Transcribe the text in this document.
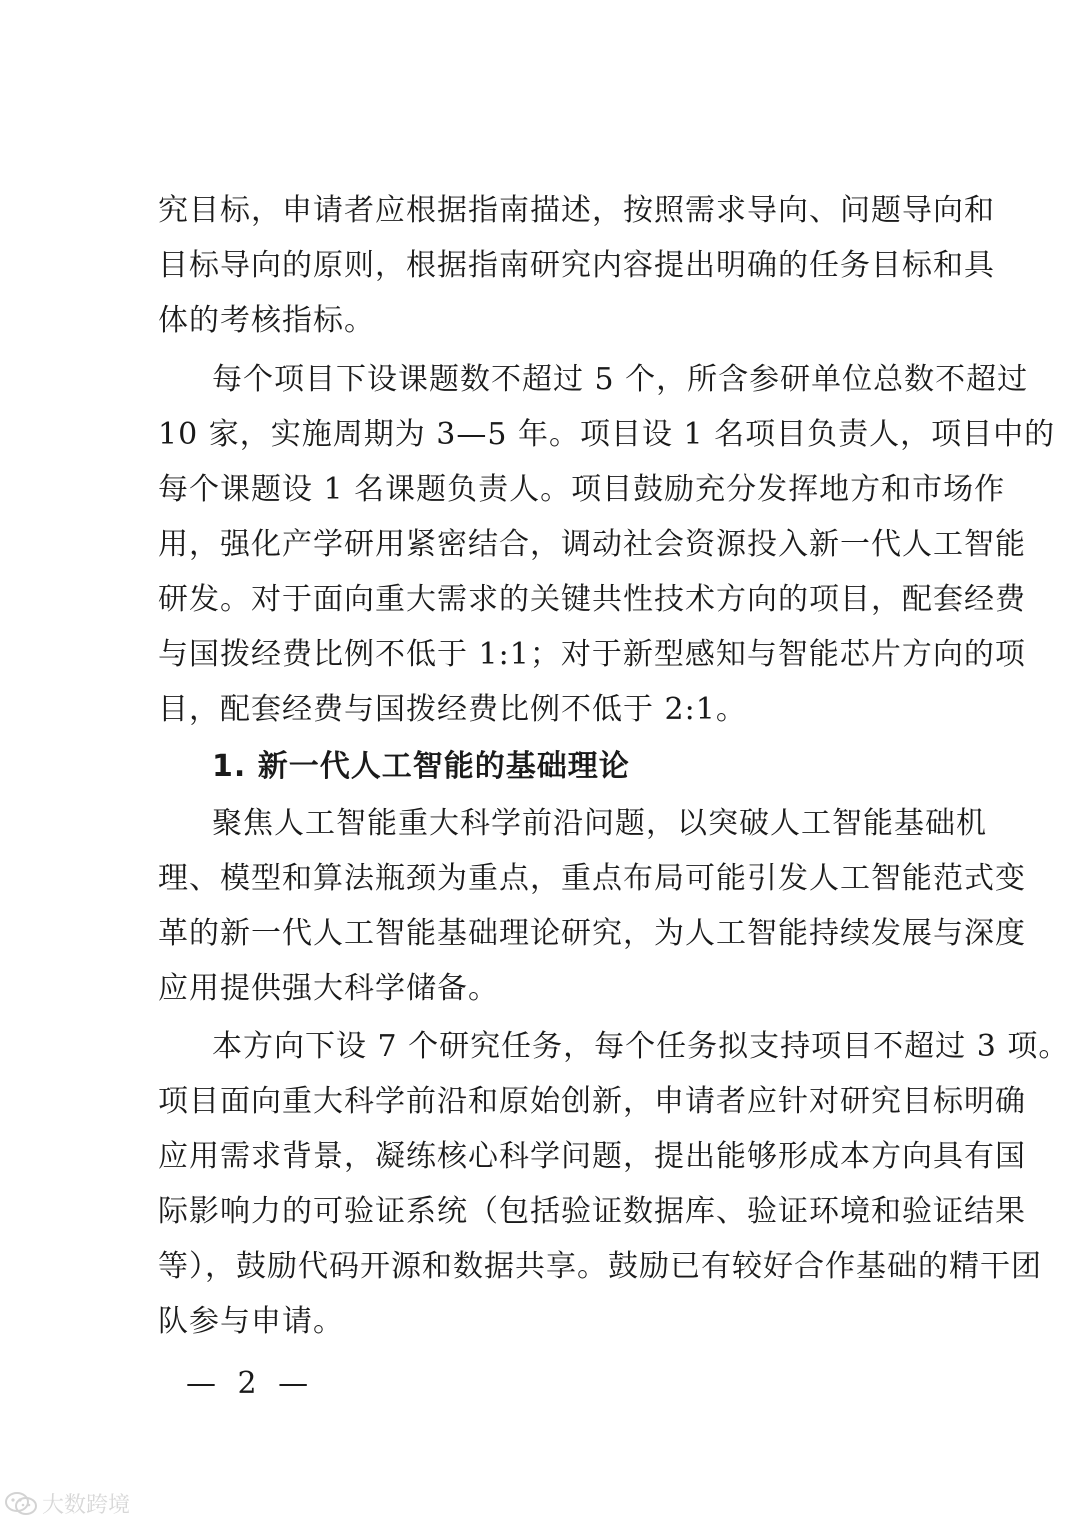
究目标，申请者应根据指南描述，按照需求导向、问题导向和
目标导向的原则，根据指南研究内容提出明确的任务目标和具
体的考核指标。
每个项目下设课题数不超过 5 个，所含参研单位总数不超过
10 家，实施周期为 3—5 年。项目设 1 名项目负责人，项目中的
每个课题设 1 名课题负责人。项目鼓励充分发挥地方和市场作
用，强化产学研用紧密结合，调动社会资源投入新一代人工智能
研发。对于面向重大需求的关键共性技术方向的项目，配套经费
与国拨经费比例不低于 1:1；对于新型感知与智能芯片方向的项
目，配套经费与国拨经费比例不低于 2:1。
1. 新一代人工智能的基础理论
聚焦人工智能重大科学前沿问题，以突破人工智能基础机
理、模型和算法瓶颈为重点，重点布局可能引发人工智能范式变
革的新一代人工智能基础理论研究，为人工智能持续发展与深度
应用提供强大科学储备。
本方向下设 7 个研究任务，每个任务拟支持项目不超过 3 项。
项目面向重大科学前沿和原始创新，申请者应针对研究目标明确
应用需求背景，凝练核心科学问题，提出能够形成本方向具有国
际影响力的可验证系统（包括验证数据库、验证环境和验证结果
等），鼓励代码开源和数据共享。鼓励已有较好合作基础的精干团
队参与申请。
— 2 —
大数跨境
